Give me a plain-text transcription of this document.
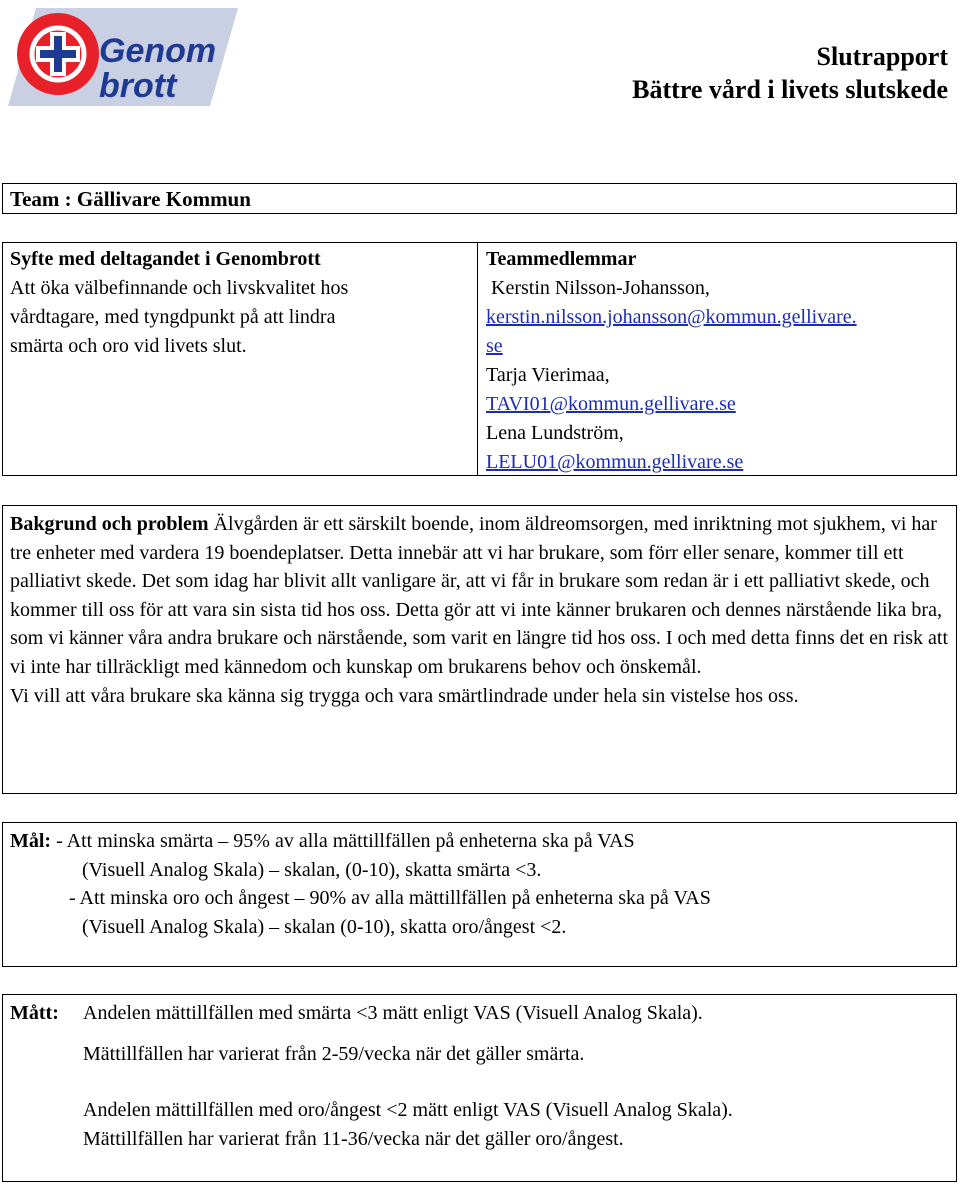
Genom
brott
Slutrapport
Bättre vård i livets slutskede
Team : Gällivare Kommun
Syfte med deltagandet i Genombrott
Att öka välbefinnande och livskvalitet hos
vårdtagare, med tyngdpunkt på att lindra
smärta och oro vid livets slut.
Teammedlemmar
Kerstin Nilsson-Johansson,
kerstin.nilsson.johansson@kommun.gellivare.
se
Tarja Vierimaa,
TAVI01@kommun.gellivare.se
Lena Lundström,
LELU01@kommun.gellivare.se
Bakgrund och problem Älvgården är ett särskilt boende, inom äldreomsorgen, med inriktning mot sjukhem, vi har tre enheter med vardera 19 boendeplatser. Detta innebär att vi har brukare, som förr eller senare, kommer till ett palliativt skede. Det som idag har blivit allt vanligare är, att vi får in brukare som redan är i ett palliativt skede, och kommer till oss för att vara sin sista tid hos oss. Detta gör att vi inte känner brukaren och dennes närstående lika bra, som vi känner våra andra brukare och närstående, som varit en längre tid hos oss. I och med detta finns det en risk att vi inte har tillräckligt med kännedom och kunskap om brukarens behov och önskemål.
Vi vill att våra brukare ska känna sig trygga och vara smärtlindrade under hela sin vistelse hos oss.
Mål: - Att minska smärta – 95% av alla mättillfällen på enheterna ska på VAS
(Visuell Analog Skala) – skalan, (0-10), skatta smärta <3.
- Att minska oro och ångest – 90% av alla mättillfällen på enheterna ska på VAS
(Visuell Analog Skala) – skalan (0-10), skatta oro/ångest <2.
Mått:	Andelen mättillfällen med smärta <3 mätt enligt VAS (Visuell Analog Skala).
Mättillfällen har varierat från 2-59/vecka när det gäller smärta.
Andelen mättillfällen med oro/ångest <2 mätt enligt VAS (Visuell Analog Skala).
Mättillfällen har varierat från 11-36/vecka när det gäller oro/ångest.
